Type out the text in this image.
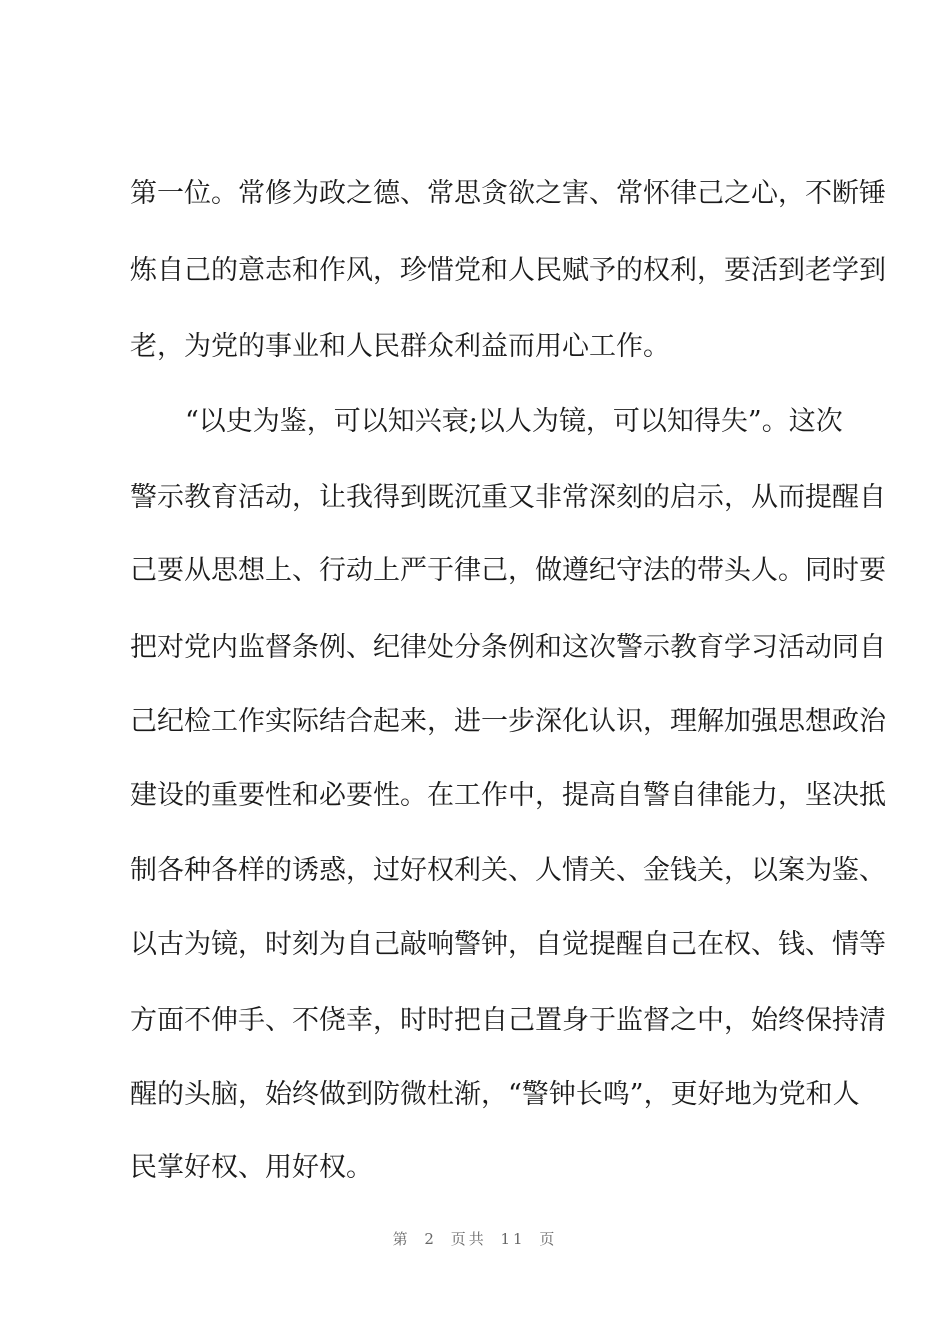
第一位。常修为政之德、常思贪欲之害、常怀律己之心，不断锤
炼自己的意志和作风，珍惜党和人民赋予的权利，要活到老学到
老，为党的事业和人民群众利益而用心工作。
“以史为鉴，可以知兴衰;以人为镜，可以知得失”。这次
警示教育活动，让我得到既沉重又非常深刻的启示，从而提醒自
己要从思想上、行动上严于律己，做遵纪守法的带头人。同时要
把对党内监督条例、纪律处分条例和这次警示教育学习活动同自
己纪检工作实际结合起来，进一步深化认识，理解加强思想政治
建设的重要性和必要性。在工作中，提高自警自律能力，坚决抵
制各种各样的诱惑，过好权利关、人情关、金钱关，以案为鉴、
以古为镜，时刻为自己敲响警钟，自觉提醒自己在权、钱、情等
方面不伸手、不侥幸，时时把自己置身于监督之中，始终保持清
醒的头脑，始终做到防微杜渐，“警钟长鸣”，更好地为党和人
民掌好权、用好权。
第 2 页共 11 页
